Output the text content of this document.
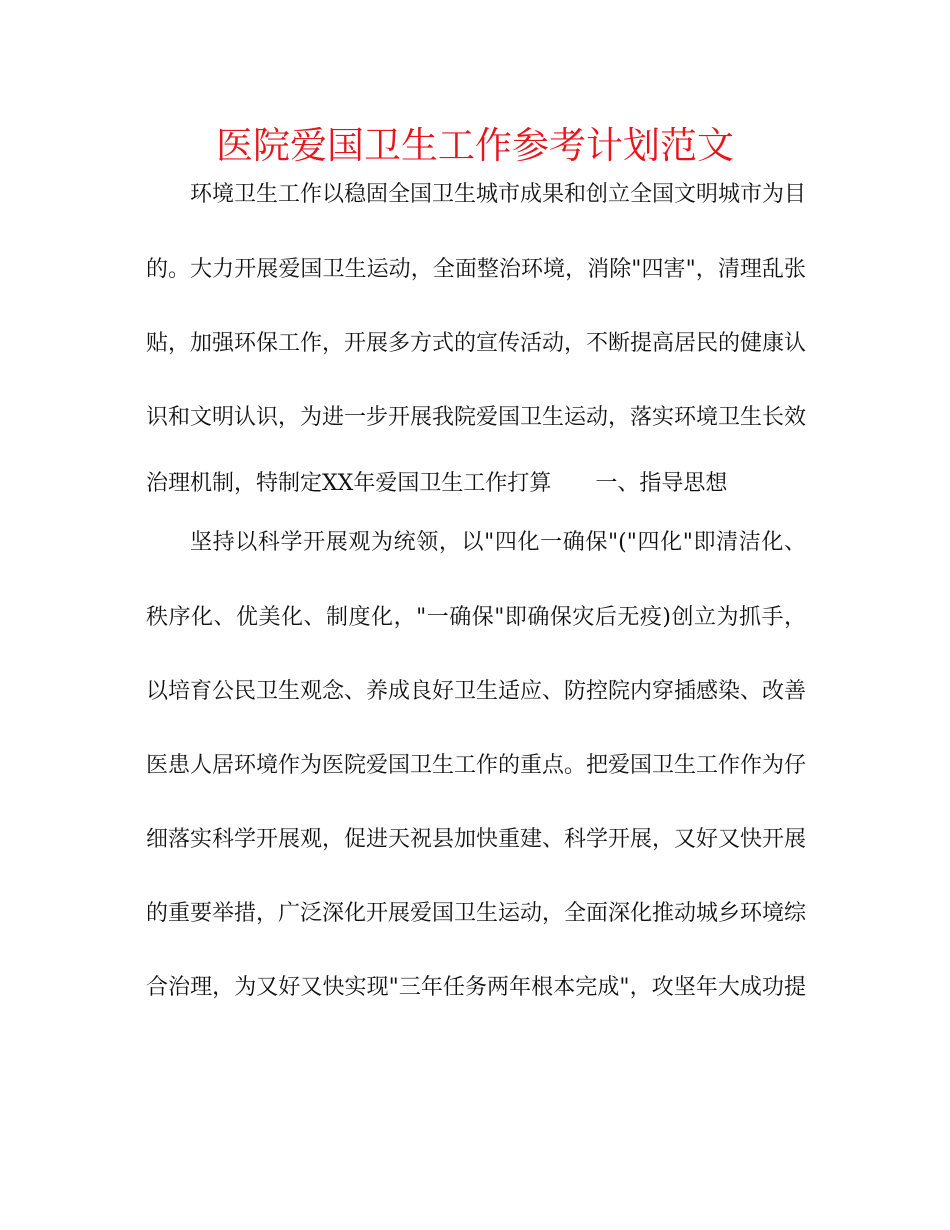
医院爱国卫生工作参考计划范文
环境卫生工作以稳固全国卫生城市成果和创立全国文明城市为目
的。大力开展爱国卫生运动，全面整治环境，消除"四害"，清理乱张
贴，加强环保工作，开展多方式的宣传活动，不断提高居民的健康认
识和文明认识，为进一步开展我院爱国卫生运动，落实环境卫生长效
治理机制，特制定XX年爱国卫生工作打算　　一、指导思想
坚持以科学开展观为统领，以"四化一确保"("四化"即清洁化、
秩序化、优美化、制度化，"一确保"即确保灾后无疫)创立为抓手，
以培育公民卫生观念、养成良好卫生适应、防控院内穿插感染、改善
医患人居环境作为医院爱国卫生工作的重点。把爱国卫生工作作为仔
细落实科学开展观，促进天祝县加快重建、科学开展，又好又快开展
的重要举措，广泛深化开展爱国卫生运动，全面深化推动城乡环境综
合治理，为又好又快实现"三年任务两年根本完成"，攻坚年大成功提
